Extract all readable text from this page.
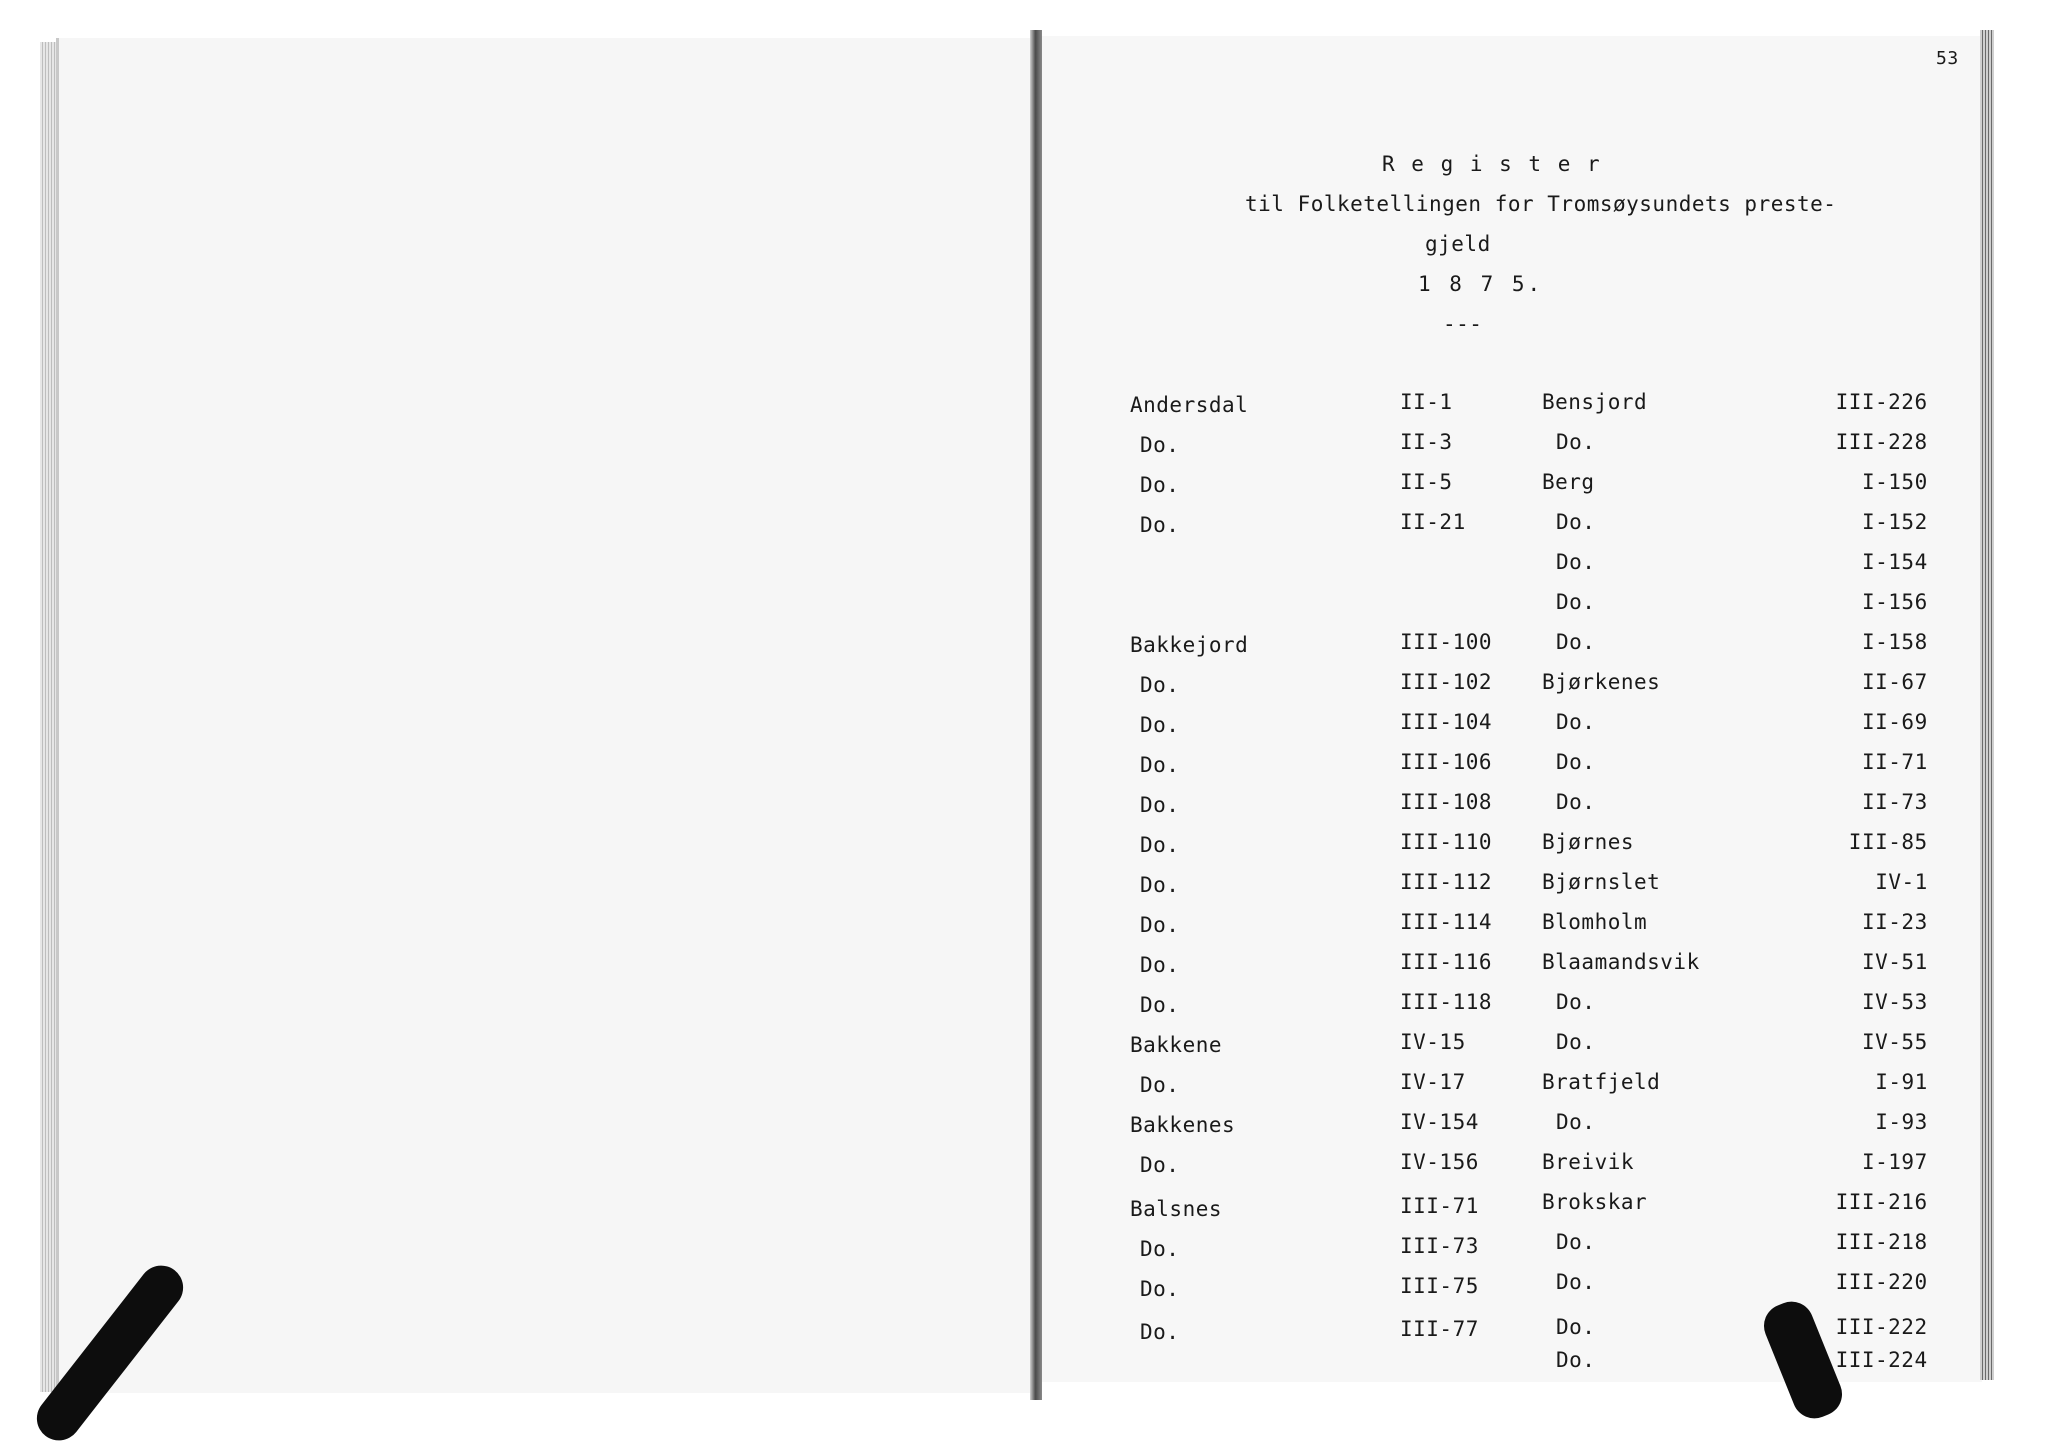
53
R e g i s t e r
til Folketellingen for Tromsøysundets preste-
gjeld
1 8 7 5.
---
Andersdal	II-1
Do.	II-3
Do.	II-5
Do.	II-21
Bakkejord	III-100
Do.	III-102
Do.	III-104
Do.	III-106
Do.	III-108
Do.	III-110
Do.	III-112
Do.	III-114
Do.	III-116
Do.	III-118
Bakkene	IV-15
Do.	IV-17
Bakkenes	IV-154
Do.	IV-156
Balsnes	III-71
Do.	III-73
Do.	III-75
Do.	III-77
Bensjord	III-226
Do.	III-228
Berg	I-150
Do.	I-152
Do.	I-154
Do.	I-156
Do.	I-158
Bjørkenes	II-67
Do.	II-69
Do.	II-71
Do.	II-73
Bjørnes	III-85
Bjørnslet	IV-1
Blomholm	II-23
Blaamandsvik	IV-51
Do.	IV-53
Do.	IV-55
Bratfjeld	I-91
Do.	I-93
Breivik	I-197
Brokskar	III-216
Do.	III-218
Do.	III-220
Do.	III-222
Do.	III-224
